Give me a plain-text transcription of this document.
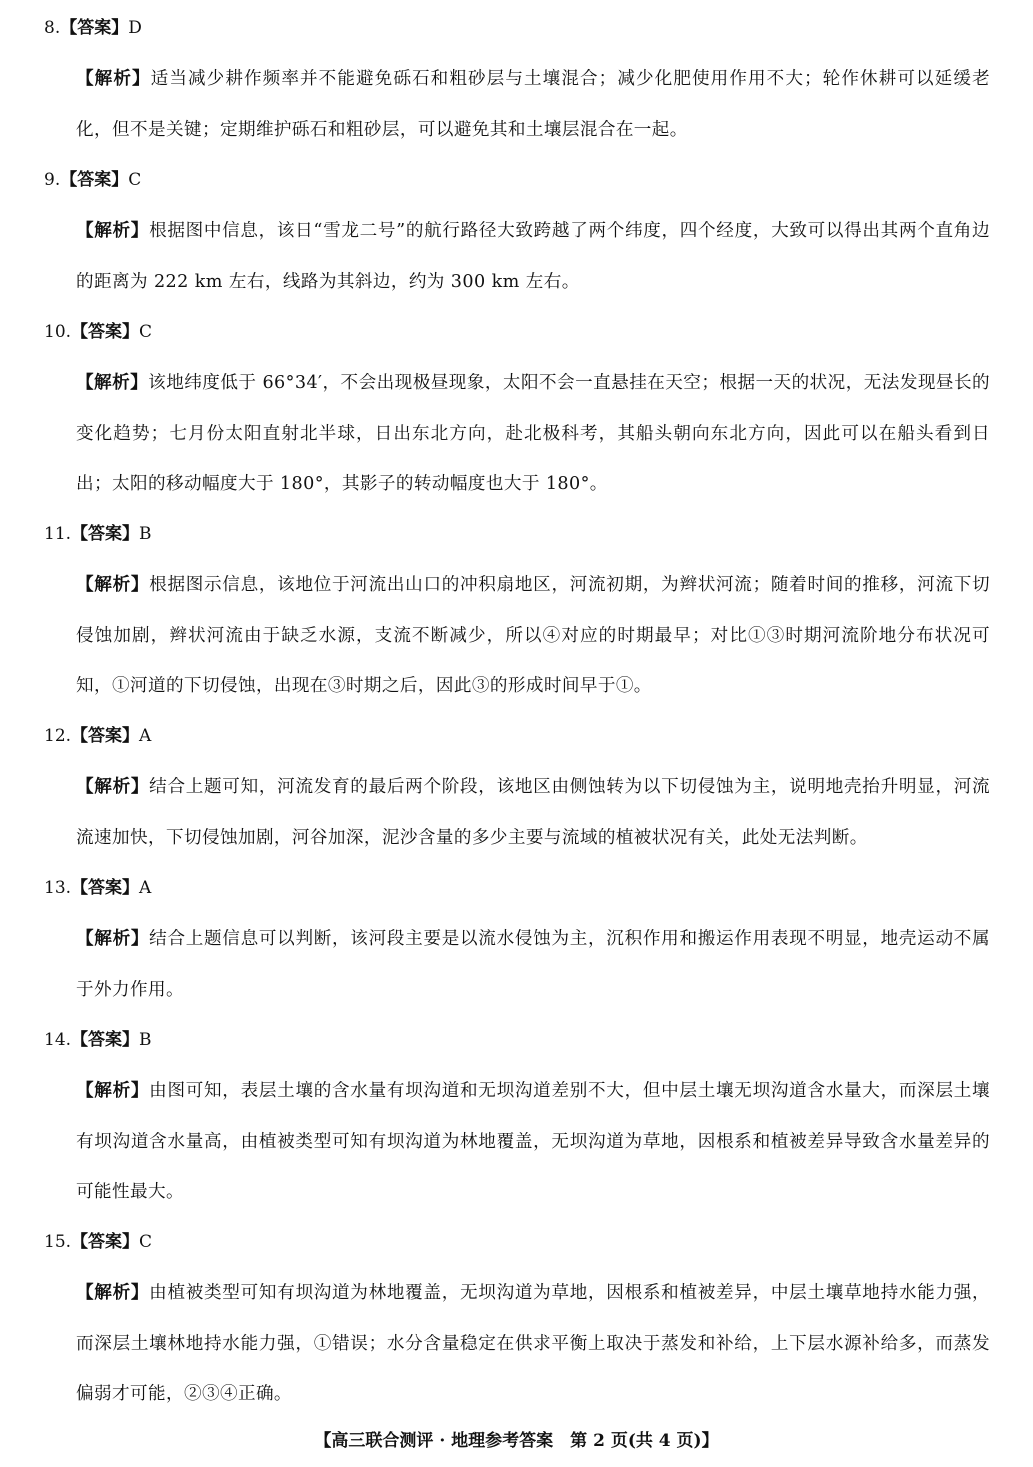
8.【答案】D
【解析】适当减少耕作频率并不能避免砾石和粗砂层与土壤混合；减少化肥使用作用不大；轮作休耕可以延缓老化，但不是关键；定期维护砾石和粗砂层，可以避免其和土壤层混合在一起。
9.【答案】C
【解析】根据图中信息，该日“雪龙二号”的航行路径大致跨越了两个纬度，四个经度，大致可以得出其两个直角边的距离为 222 km 左右，线路为其斜边，约为 300 km 左右。
10.【答案】C
【解析】该地纬度低于 66°34′，不会出现极昼现象，太阳不会一直悬挂在天空；根据一天的状况，无法发现昼长的变化趋势；七月份太阳直射北半球，日出东北方向，赴北极科考，其船头朝向东北方向，因此可以在船头看到日出；太阳的移动幅度大于 180°，其影子的转动幅度也大于 180°。
11.【答案】B
【解析】根据图示信息，该地位于河流出山口的冲积扇地区，河流初期，为辫状河流；随着时间的推移，河流下切侵蚀加剧，辫状河流由于缺乏水源，支流不断减少，所以④对应的时期最早；对比①③时期河流阶地分布状况可知，①河道的下切侵蚀，出现在③时期之后，因此③的形成时间早于①。
12.【答案】A
【解析】结合上题可知，河流发育的最后两个阶段，该地区由侧蚀转为以下切侵蚀为主，说明地壳抬升明显，河流流速加快，下切侵蚀加剧，河谷加深，泥沙含量的多少主要与流域的植被状况有关，此处无法判断。
13.【答案】A
【解析】结合上题信息可以判断，该河段主要是以流水侵蚀为主，沉积作用和搬运作用表现不明显，地壳运动不属于外力作用。
14.【答案】B
【解析】由图可知，表层土壤的含水量有坝沟道和无坝沟道差别不大，但中层土壤无坝沟道含水量大，而深层土壤有坝沟道含水量高，由植被类型可知有坝沟道为林地覆盖，无坝沟道为草地，因根系和植被差异导致含水量差异的可能性最大。
15.【答案】C
【解析】由植被类型可知有坝沟道为林地覆盖，无坝沟道为草地，因根系和植被差异，中层土壤草地持水能力强，而深层土壤林地持水能力强，①错误；水分含量稳定在供求平衡上取决于蒸发和补给，上下层水源补给多，而蒸发偏弱才可能，②③④正确。
【高三联合测评 · 地理参考答案　第 2 页(共 4 页)】
